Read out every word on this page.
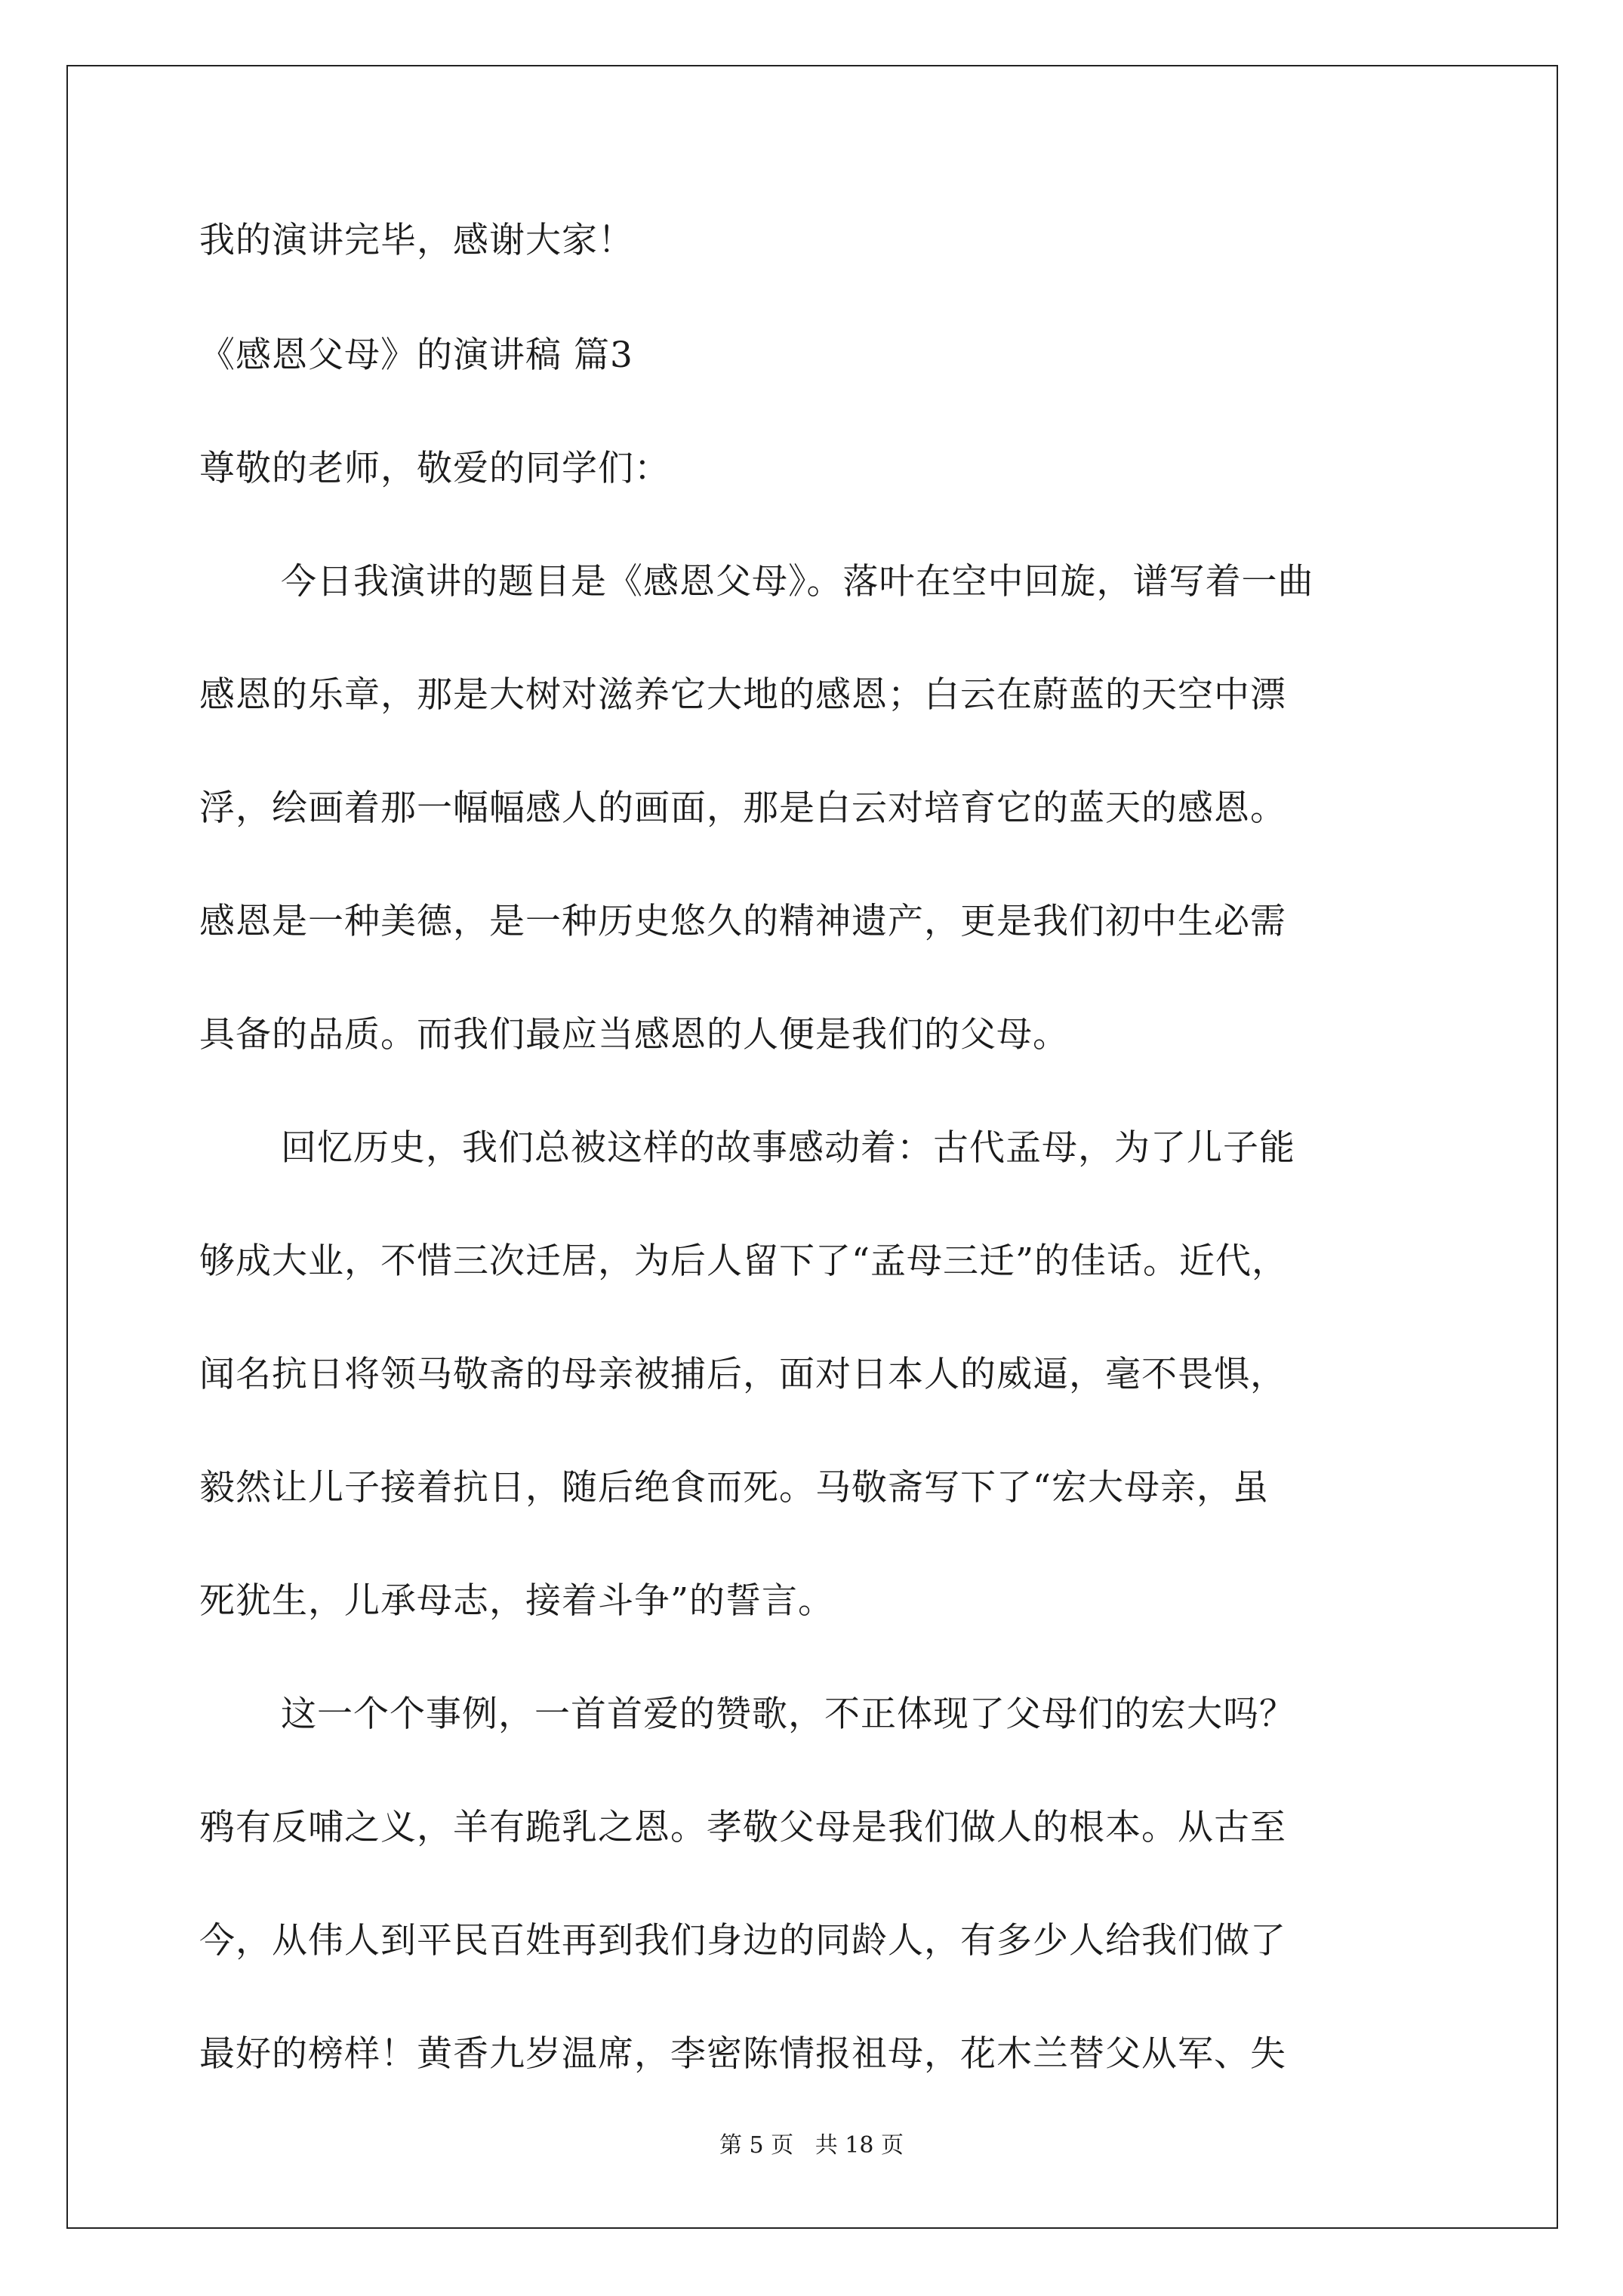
我的演讲完毕，感谢大家！
《感恩父母》的演讲稿 篇3
尊敬的老师，敬爱的同学们：
今日我演讲的题目是《感恩父母》。落叶在空中回旋，谱写着一曲
感恩的乐章，那是大树对滋养它大地的感恩；白云在蔚蓝的天空中漂
浮，绘画着那一幅幅感人的画面，那是白云对培育它的蓝天的感恩。
感恩是一种美德，是一种历史悠久的精神遗产，更是我们初中生必需
具备的品质。而我们最应当感恩的人便是我们的父母。
回忆历史，我们总被这样的故事感动着：古代孟母，为了儿子能
够成大业，不惜三次迁居，为后人留下了“孟母三迁”的佳话。近代，
闻名抗日将领马敬斋的母亲被捕后，面对日本人的威逼，毫不畏惧，
毅然让儿子接着抗日，随后绝食而死。马敬斋写下了“宏大母亲，虽
死犹生，儿承母志，接着斗争”的誓言。
这一个个事例，一首首爱的赞歌，不正体现了父母们的宏大吗？
鸦有反哺之义，羊有跪乳之恩。孝敬父母是我们做人的根本。从古至
今，从伟人到平民百姓再到我们身边的同龄人，有多少人给我们做了
最好的榜样！黄香九岁温席，李密陈情报祖母，花木兰替父从军、失
第 5 页   共 18 页
